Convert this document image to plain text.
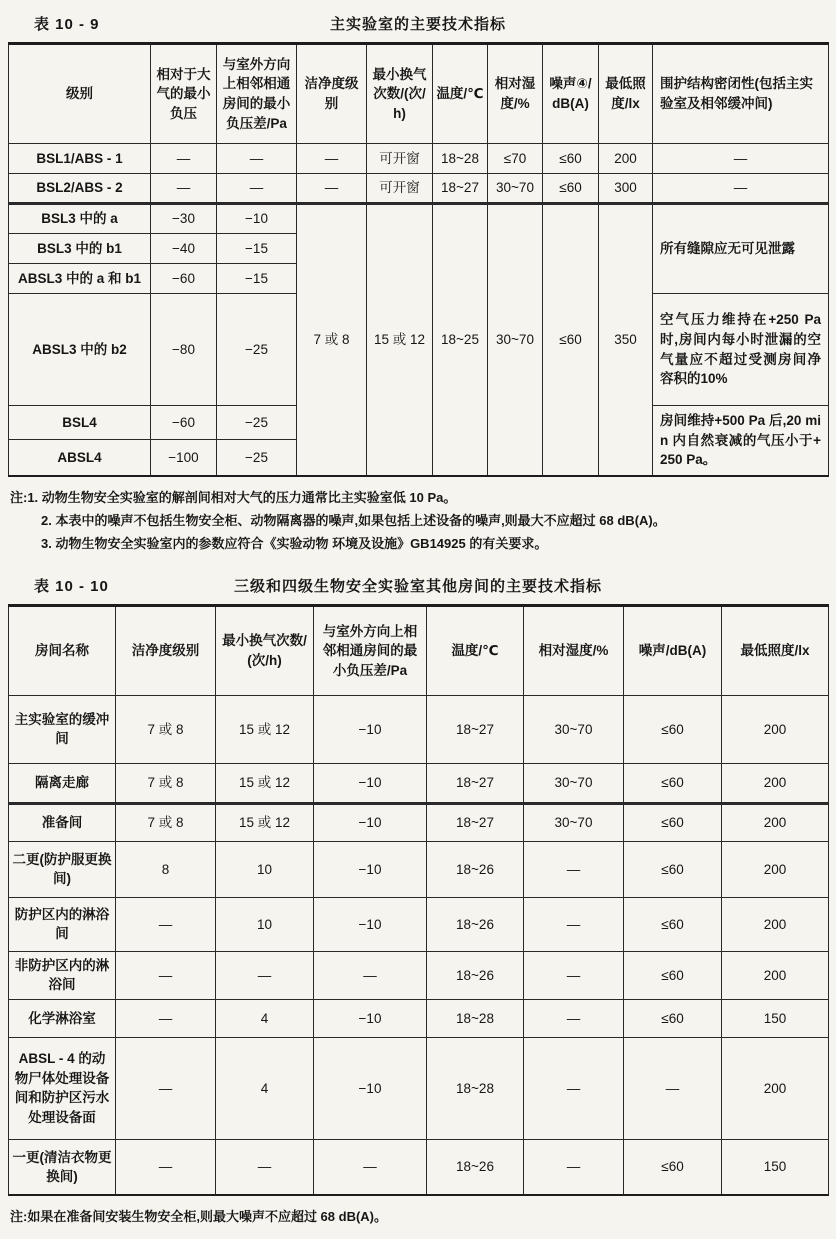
表 10 - 9	主实验室的主要技术指标
级别	相对于大气的最小负压	与室外方向上相邻相通房间的最小负压差/Pa	洁净度级别	最小换气次数/(次/h)	温度/℃	相对湿度/%	噪声④/dB(A)	最低照度/lx	围护结构密闭性(包括主实验室及相邻缓冲间)
BSL1/ABS - 1	—	—	—	可开窗	18~28	≤70	≤60	200	—
BSL2/ABS - 2	—	—	—	可开窗	18~27	30~70	≤60	300	—
BSL3 中的 a	−30	−10	7 或 8	15 或 12	18~25	30~70	≤60	350	所有缝隙应无可见泄露
BSL3 中的 b1	−40	−15							
ABSL3 中的 a 和 b1	−60	−15							
ABSL3 中的 b2	−80	−25							空气压力维持在+250 Pa时,房间内每小时泄漏的空气量应不超过受测房间净容积的10%
BSL4	−60	−25							房间维持+500 Pa 后,20 min 内自然衰减的气压小于+250 Pa。
ABSL4	−100	−25							
注:1. 动物生物安全实验室的解剖间相对大气的压力通常比主实验室低 10 Pa。
2. 本表中的噪声不包括生物安全柜、动物隔离器的噪声,如果包括上述设备的噪声,则最大不应超过 68 dB(A)。
3. 动物生物安全实验室内的参数应符合《实验动物 环境及设施》GB14925 的有关要求。
表 10 - 10	三级和四级生物安全实验室其他房间的主要技术指标
房间名称	洁净度级别	最小换气次数/(次/h)	与室外方向上相邻相通房间的最小负压差/Pa	温度/℃	相对湿度/%	噪声/dB(A)	最低照度/lx
主实验室的缓冲间	7 或 8	15 或 12	−10	18~27	30~70	≤60	200
隔离走廊	7 或 8	15 或 12	−10	18~27	30~70	≤60	200
准备间	7 或 8	15 或 12	−10	18~27	30~70	≤60	200
二更(防护服更换间)	8	10	−10	18~26	—	≤60	200
防护区内的淋浴间	—	10	−10	18~26	—	≤60	200
非防护区内的淋浴间	—	—	—	18~26	—	≤60	200
化学淋浴室	—	4	−10	18~28	—	≤60	150
ABSL - 4 的动物尸体处理设备间和防护区污水处理设备面	—	4	−10	18~28	—	—	200
一更(清洁衣物更换间)	—	—	—	18~26	—	≤60	150
注:如果在准备间安装生物安全柜,则最大噪声不应超过 68 dB(A)。
